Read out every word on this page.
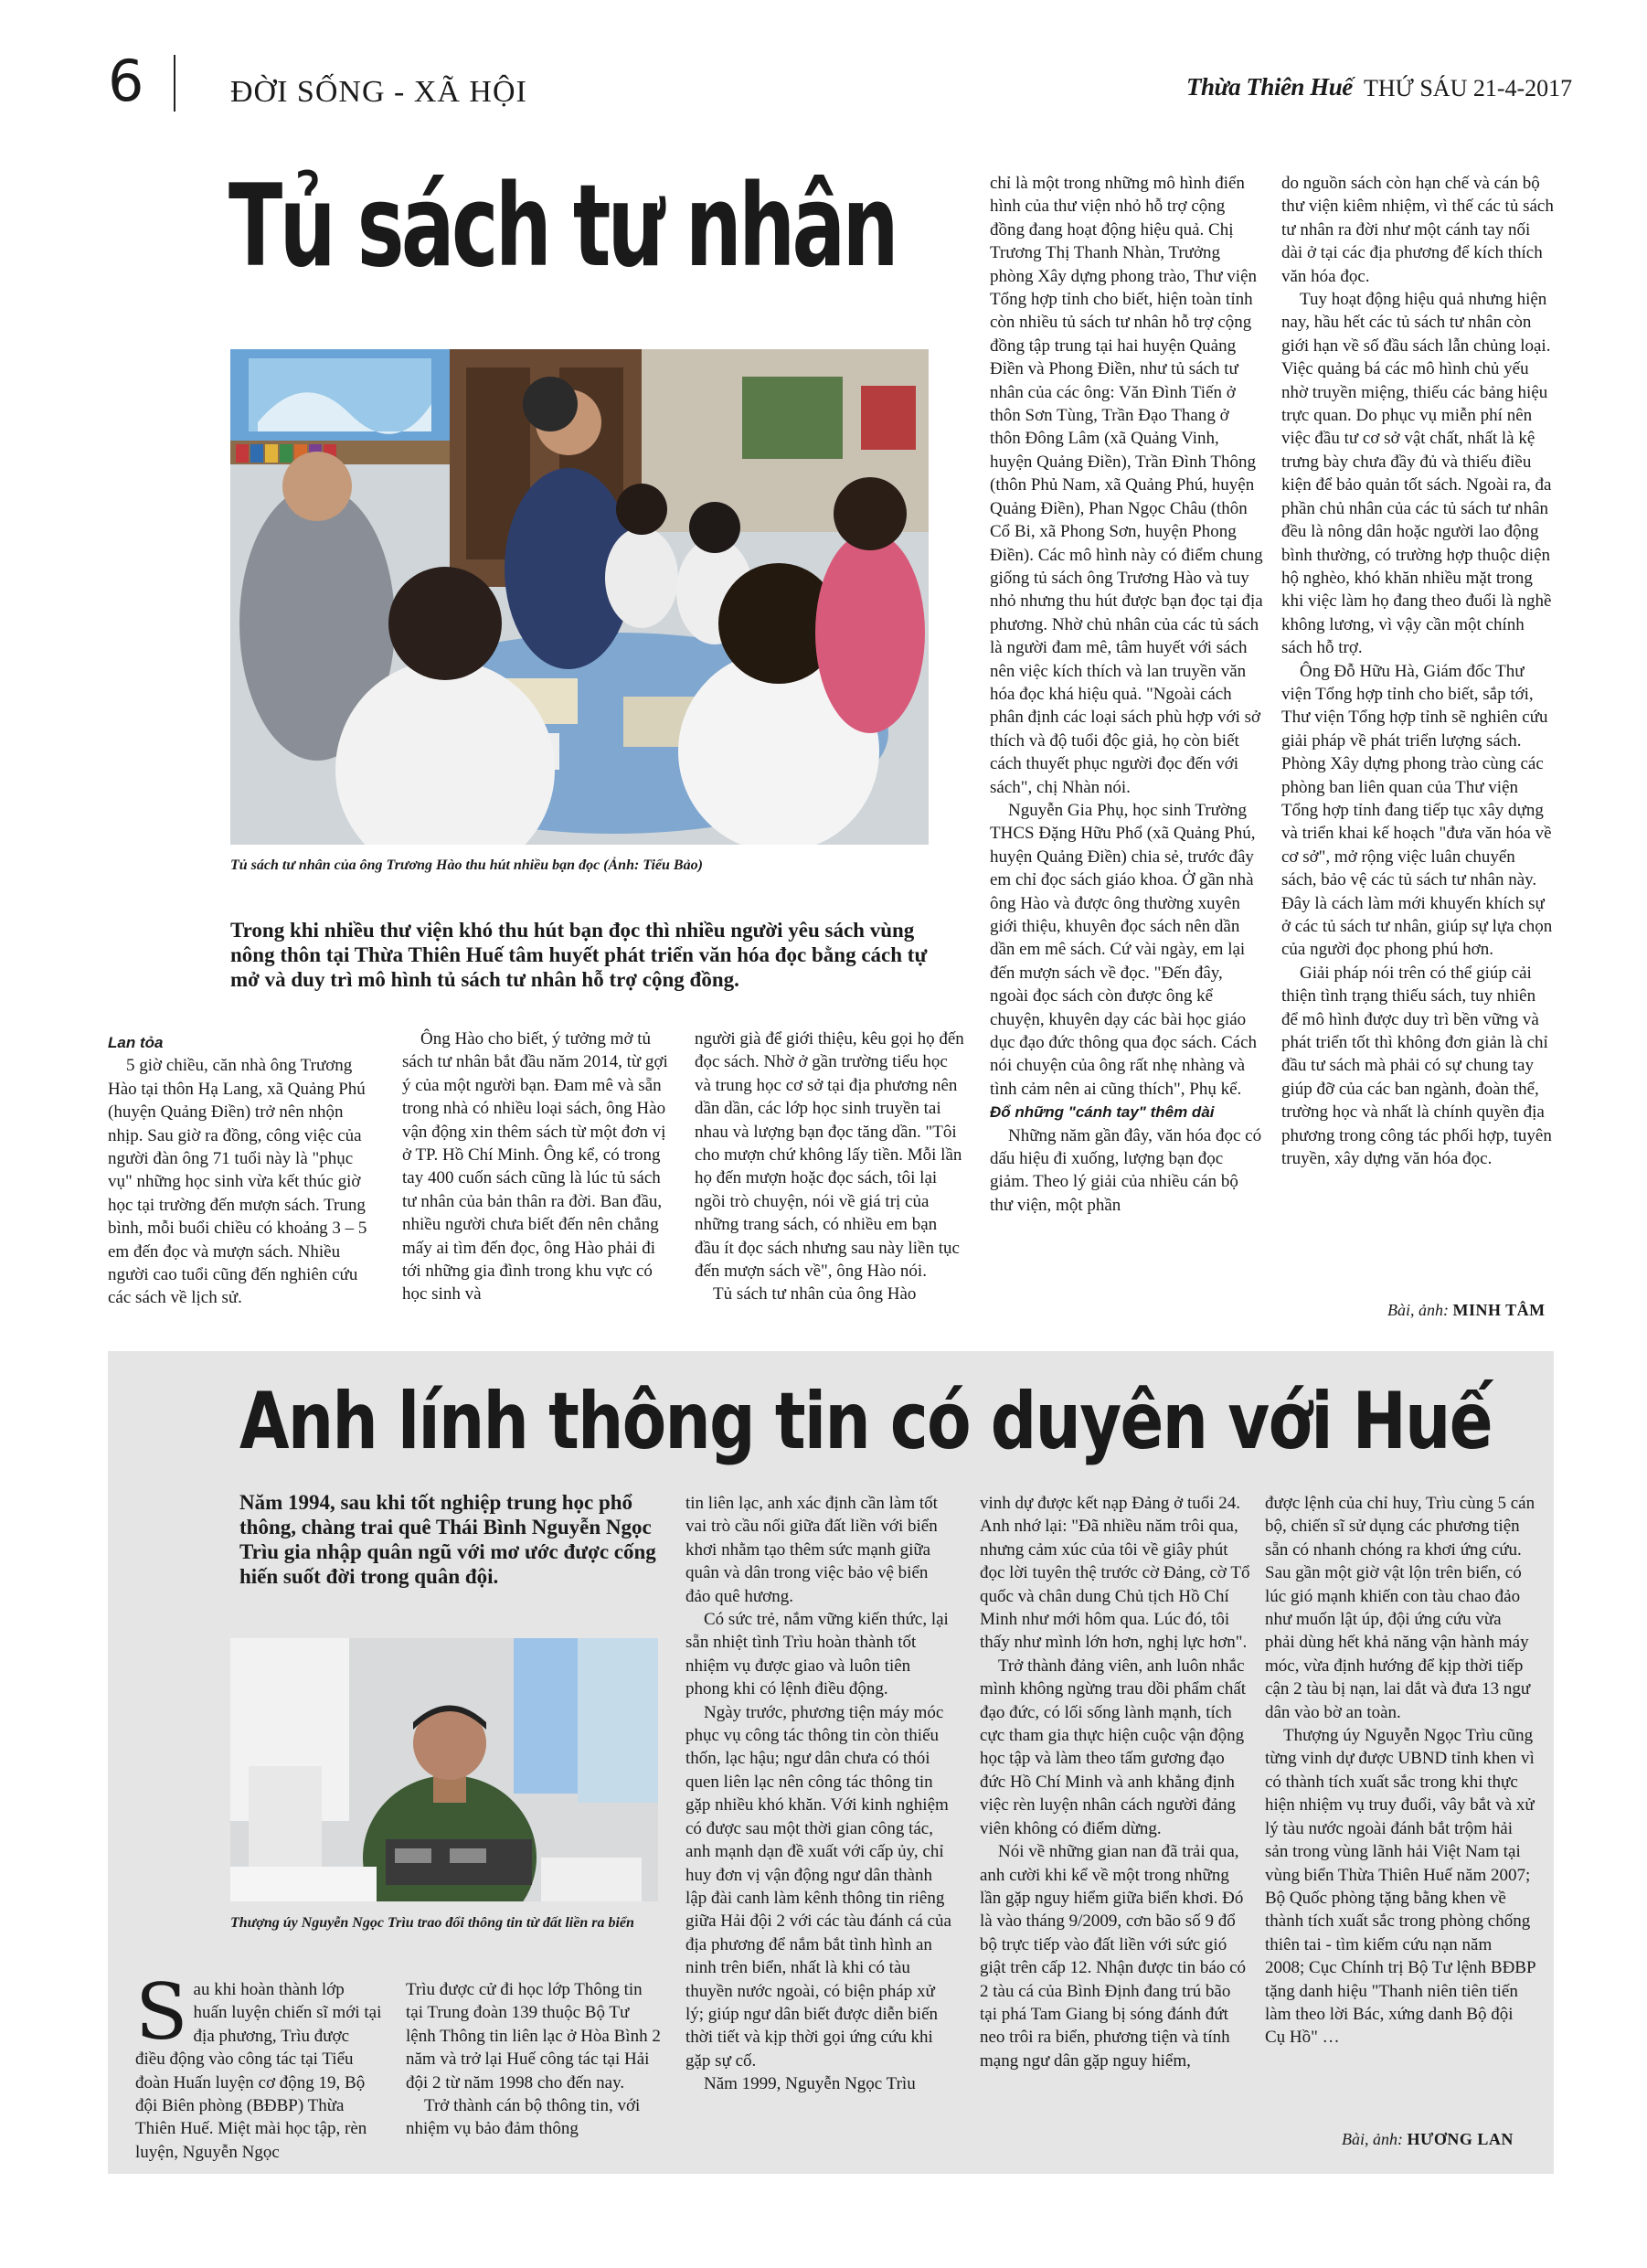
6	ĐỜI SỐNG - XÃ HỘI	Thừa Thiên Huế THỨ SÁU 21-4-2017
Tủ sách tư nhân
Tủ sách tư nhân của ông Trương Hào thu hút nhiều bạn đọc (Ảnh: Tiểu Bảo)
Trong khi nhiều thư viện khó thu hút bạn đọc thì nhiều người yêu sách vùng nông thôn tại Thừa Thiên Huế tâm huyết phát triển văn hóa đọc bằng cách tự mở và duy trì mô hình tủ sách tư nhân hỗ trợ cộng đồng.

Lan tỏa

5 giờ chiều, căn nhà ông Trương Hào tại thôn Hạ Lang, xã Quảng Phú (huyện Quảng Điền) trở nên nhộn nhịp. Sau giờ ra đồng, công việc của người đàn ông 71 tuổi này là "phục vụ" những học sinh vừa kết thúc giờ học tại trường đến mượn sách. Trung bình, mỗi buổi chiều có khoảng 3 – 5 em đến đọc và mượn sách. Nhiều người cao tuổi cũng đến nghiên cứu các sách về lịch sử.

Ông Hào cho biết, ý tưởng mở tủ sách tư nhân bắt đầu năm 2014, từ gợi ý của một người bạn. Đam mê và sẵn trong nhà có nhiều loại sách, ông Hào vận động xin thêm sách từ một đơn vị ở TP. Hồ Chí Minh. Ông kể, có trong tay 400 cuốn sách cũng là lúc tủ sách tư nhân của bản thân ra đời. Ban đầu, nhiều người chưa biết đến nên chẳng mấy ai tìm đến đọc, ông Hào phải đi tới những gia đình trong khu vực có học sinh và

người già để giới thiệu, kêu gọi họ đến đọc sách. Nhờ ở gần trường tiểu học và trung học cơ sở tại địa phương nên dần dần, các lớp học sinh truyền tai nhau và lượng bạn đọc tăng dần. "Tôi cho mượn chứ không lấy tiền. Mỗi lần họ đến mượn hoặc đọc sách, tôi lại ngồi trò chuyện, nói về giá trị của những trang sách, có nhiều em bạn đầu ít đọc sách nhưng sau này liền tục đến mượn sách về", ông Hào nói.

Tủ sách tư nhân của ông Hào

chỉ là một trong những mô hình điển hình của thư viện nhỏ hỗ trợ cộng đồng đang hoạt động hiệu quả. Chị Trương Thị Thanh Nhàn, Trưởng phòng Xây dựng phong trào, Thư viện Tổng hợp tỉnh cho biết, hiện toàn tỉnh còn nhiều tủ sách tư nhân hỗ trợ cộng đồng tập trung tại hai huyện Quảng Điền và Phong Điền, như tủ sách tư nhân của các ông: Văn Đình Tiến ở thôn Sơn Tùng, Trần Đạo Thang ở thôn Đông Lâm (xã Quảng Vinh, huyện Quảng Điền), Trần Đình Thông (thôn Phủ Nam, xã Quảng Phú, huyện Quảng Điền), Phan Ngọc Châu (thôn Cổ Bi, xã Phong Sơn, huyện Phong Điền). Các mô hình này có điểm chung giống tủ sách ông Trương Hào và tuy nhỏ nhưng thu hút được bạn đọc tại địa phương. Nhờ chủ nhân của các tủ sách là người đam mê, tâm huyết với sách nên việc kích thích và lan truyền văn hóa đọc khá hiệu quả. "Ngoài cách phân định các loại sách phù hợp với sở thích và độ tuổi độc giả, họ còn biết cách thuyết phục người đọc đến với sách", chị Nhàn nói.

Nguyễn Gia Phụ, học sinh Trường THCS Đặng Hữu Phổ (xã Quảng Phú, huyện Quảng Điền) chia sẻ, trước đây em chỉ đọc sách giáo khoa. Ở gần nhà ông Hào và được ông thường xuyên giới thiệu, khuyên đọc sách nên dần dần em mê sách. Cứ vài ngày, em lại đến mượn sách về đọc. "Đến đây, ngoài đọc sách còn được ông kể chuyện, khuyên dạy các bài học giáo dục đạo đức thông qua đọc sách. Cách nói chuyện của ông rất nhẹ nhàng và tình cảm nên ai cũng thích", Phụ kể.

Đổ những "cánh tay" thêm dài

Những năm gần đây, văn hóa đọc có dấu hiệu đi xuống, lượng bạn đọc giảm. Theo lý giải của nhiều cán bộ thư viện, một phần

do nguồn sách còn hạn chế và cán bộ thư viện kiêm nhiệm, vì thế các tủ sách tư nhân ra đời như một cánh tay nối dài ở tại các địa phương để kích thích văn hóa đọc.

Tuy hoạt động hiệu quả nhưng hiện nay, hầu hết các tủ sách tư nhân còn giới hạn về số đầu sách lẫn chủng loại. Việc quảng bá các mô hình chủ yếu nhờ truyền miệng, thiếu các bảng hiệu trực quan. Do phục vụ miễn phí nên việc đầu tư cơ sở vật chất, nhất là kệ trưng bày chưa đầy đủ và thiếu điều kiện để bảo quản tốt sách. Ngoài ra, đa phần chủ nhân của các tủ sách tư nhân đều là nông dân hoặc người lao động bình thường, có trường hợp thuộc diện hộ nghèo, khó khăn nhiều mặt trong khi việc làm họ đang theo đuổi là nghề không lương, vì vậy cần một chính sách hỗ trợ.

Ông Đỗ Hữu Hà, Giám đốc Thư viện Tổng hợp tỉnh cho biết, sắp tới, Thư viện Tổng hợp tỉnh sẽ nghiên cứu giải pháp về phát triển lượng sách. Phòng Xây dựng phong trào cùng các phòng ban liên quan của Thư viện Tổng hợp tỉnh đang tiếp tục xây dựng và triển khai kế hoạch "đưa văn hóa về cơ sở", mở rộng việc luân chuyển sách, bảo vệ các tủ sách tư nhân này. Đây là cách làm mới khuyến khích sự ở các tủ sách tư nhân, giúp sự lựa chọn của người đọc phong phú hơn.

Giải pháp nói trên có thể giúp cải thiện tình trạng thiếu sách, tuy nhiên để mô hình được duy trì bền vững và phát triển tốt thì không đơn giản là chỉ đầu tư sách mà phải có sự chung tay giúp đỡ của các ban ngành, đoàn thể, trường học và nhất là chính quyền địa phương trong công tác phối hợp, tuyên truyền, xây dựng văn hóa đọc.

Bài, ảnh: MINH TÂM
Anh lính thông tin có duyên với Huế
Năm 1994, sau khi tốt nghiệp trung học phổ thông, chàng trai quê Thái Bình Nguyễn Ngọc Trìu gia nhập quân ngũ với mơ ước được cống hiến suốt đời trong quân đội.
Thượng úy Nguyễn Ngọc Trìu trao đổi thông tin từ đất liền ra biển

Sau khi hoàn thành lớp huấn luyện chiến sĩ mới tại địa phương, Trìu được điều động vào công tác tại Tiểu đoàn Huấn luyện cơ động 19, Bộ đội Biên phòng (BĐBP) Thừa Thiên Huế. Miệt mài học tập, rèn luyện, Nguyễn Ngọc

Trìu được cử đi học lớp Thông tin tại Trung đoàn 139 thuộc Bộ Tư lệnh Thông tin liên lạc ở Hòa Bình 2 năm và trở lại Huế công tác tại Hải đội 2 từ năm 1998 cho đến nay.

Trở thành cán bộ thông tin, với nhiệm vụ bảo đảm thông

tin liên lạc, anh xác định cần làm tốt vai trò cầu nối giữa đất liền với biển khơi nhằm tạo thêm sức mạnh giữa quân và dân trong việc bảo vệ biển đảo quê hương.

Có sức trẻ, nắm vững kiến thức, lại sẵn nhiệt tình Trìu hoàn thành tốt nhiệm vụ được giao và luôn tiên phong khi có lệnh điều động.

Ngày trước, phương tiện máy móc phục vụ công tác thông tin còn thiếu thốn, lạc hậu; ngư dân chưa có thói quen liên lạc nên công tác thông tin gặp nhiều khó khăn. Với kinh nghiệm có được sau một thời gian công tác, anh mạnh dạn đề xuất với cấp ủy, chỉ huy đơn vị vận động ngư dân thành lập đài canh làm kênh thông tin riêng giữa Hải đội 2 với các tàu đánh cá của địa phương để nắm bắt tình hình an ninh trên biển, nhất là khi có tàu thuyền nước ngoài, có biện pháp xử lý; giúp ngư dân biết được diễn biến thời tiết và kịp thời gọi ứng cứu khi gặp sự cố.

Năm 1999, Nguyễn Ngọc Trìu

vinh dự được kết nạp Đảng ở tuổi 24. Anh nhớ lại: "Đã nhiều năm trôi qua, nhưng cảm xúc của tôi về giây phút đọc lời tuyên thệ trước cờ Đảng, cờ Tổ quốc và chân dung Chủ tịch Hồ Chí Minh như mới hôm qua. Lúc đó, tôi thấy như mình lớn hơn, nghị lực hơn".

Trở thành đảng viên, anh luôn nhắc mình không ngừng trau dồi phẩm chất đạo đức, có lối sống lành mạnh, tích cực tham gia thực hiện cuộc vận động học tập và làm theo tấm gương đạo đức Hồ Chí Minh và anh khẳng định việc rèn luyện nhân cách người đảng viên không có điểm dừng.

Nói về những gian nan đã trải qua, anh cười khi kể về một trong những lần gặp nguy hiểm giữa biển khơi. Đó là vào tháng 9/2009, cơn bão số 9 đổ bộ trực tiếp vào đất liền với sức gió giật trên cấp 12. Nhận được tin báo có 2 tàu cá của Bình Định đang trú bão tại phá Tam Giang bị sóng đánh đứt neo trôi ra biển, phương tiện và tính mạng ngư dân gặp nguy hiểm,

được lệnh của chỉ huy, Trìu cùng 5 cán bộ, chiến sĩ sử dụng các phương tiện sẵn có nhanh chóng ra khơi ứng cứu. Sau gần một giờ vật lộn trên biển, có lúc gió mạnh khiến con tàu chao đảo như muốn lật úp, đội ứng cứu vừa phải dùng hết khả năng vận hành máy móc, vừa định hướng để kịp thời tiếp cận 2 tàu bị nạn, lai dắt và đưa 13 ngư dân vào bờ an toàn.

Thượng úy Nguyễn Ngọc Trìu cũng từng vinh dự được UBND tỉnh khen vì có thành tích xuất sắc trong khi thực hiện nhiệm vụ truy đuổi, vây bắt và xử lý tàu nước ngoài đánh bắt trộm hải sản trong vùng lãnh hải Việt Nam tại vùng biển Thừa Thiên Huế năm 2007; Bộ Quốc phòng tặng bằng khen về thành tích xuất sắc trong phòng chống thiên tai - tìm kiếm cứu nạn năm 2008; Cục Chính trị Bộ Tư lệnh BĐBP tặng danh hiệu "Thanh niên tiên tiến làm theo lời Bác, xứng danh Bộ đội Cụ Hồ" …

Bài, ảnh: HƯƠNG LAN
